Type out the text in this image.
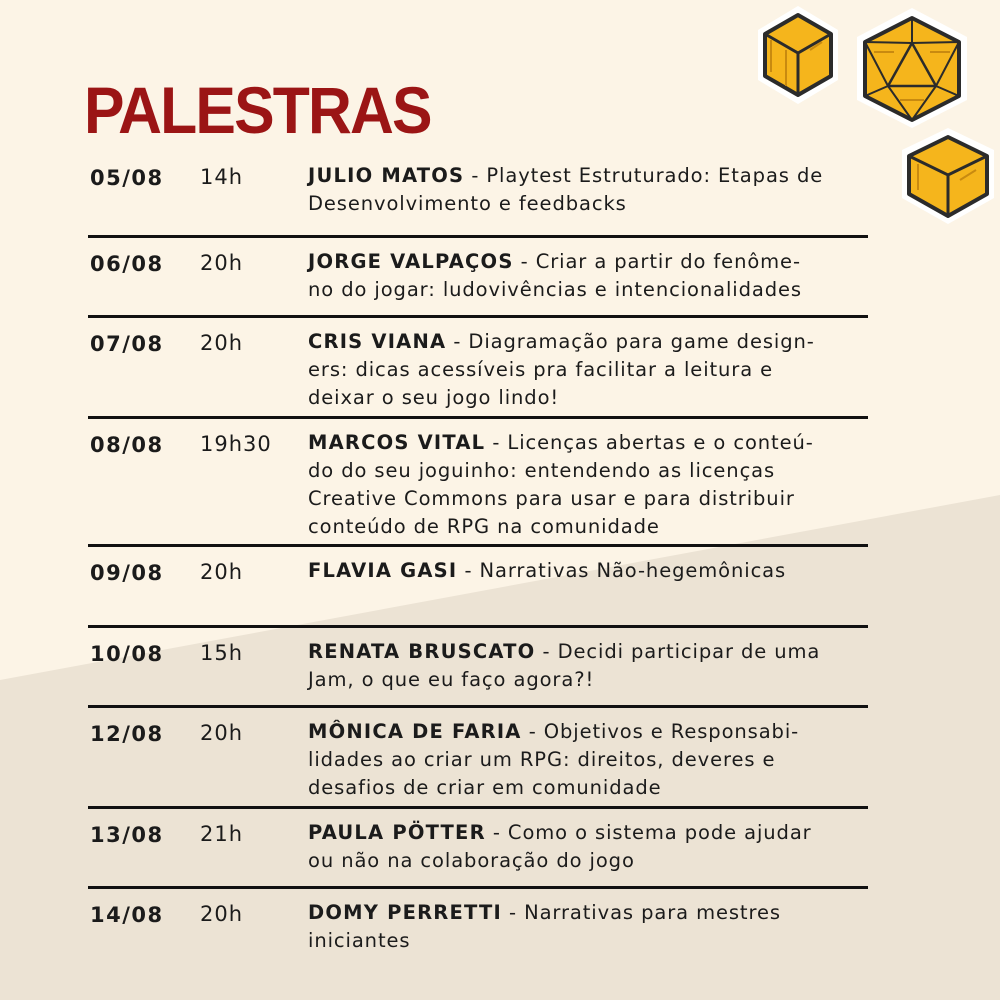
PALESTRAS
05/08 14h	JULIO MATOS - Playtest Estruturado: Etapas de
Desenvolvimento e feedbacks
06/08 20h	JORGE VALPAÇOS - Criar a partir do fenôme-
no do jogar: ludovivências e intencionalidades
07/08 20h	CRIS VIANA - Diagramação para game design-
ers: dicas acessíveis pra facilitar a leitura e
deixar o seu jogo lindo!
08/08 19h30 MARCOS VITAL - Licenças abertas e o conteú-
do do seu joguinho: entendendo as licenças
Creative Commons para usar e para distribuir
conteúdo de RPG na comunidade
09/08 20h	FLAVIA GASI - Narrativas Não-hegemônicas
10/08 15h	RENATA BRUSCATO - Decidi participar de uma
Jam, o que eu faço agora?!
12/08 20h	MÔNICA DE FARIA - Objetivos e Responsabi-
lidades ao criar um RPG: direitos, deveres e
desafios de criar em comunidade
13/08 21h	PAULA PÖTTER - Como o sistema pode ajudar
ou não na colaboração do jogo
14/08 20h	DOMY PERRETTI - Narrativas para mestres
iniciantes
